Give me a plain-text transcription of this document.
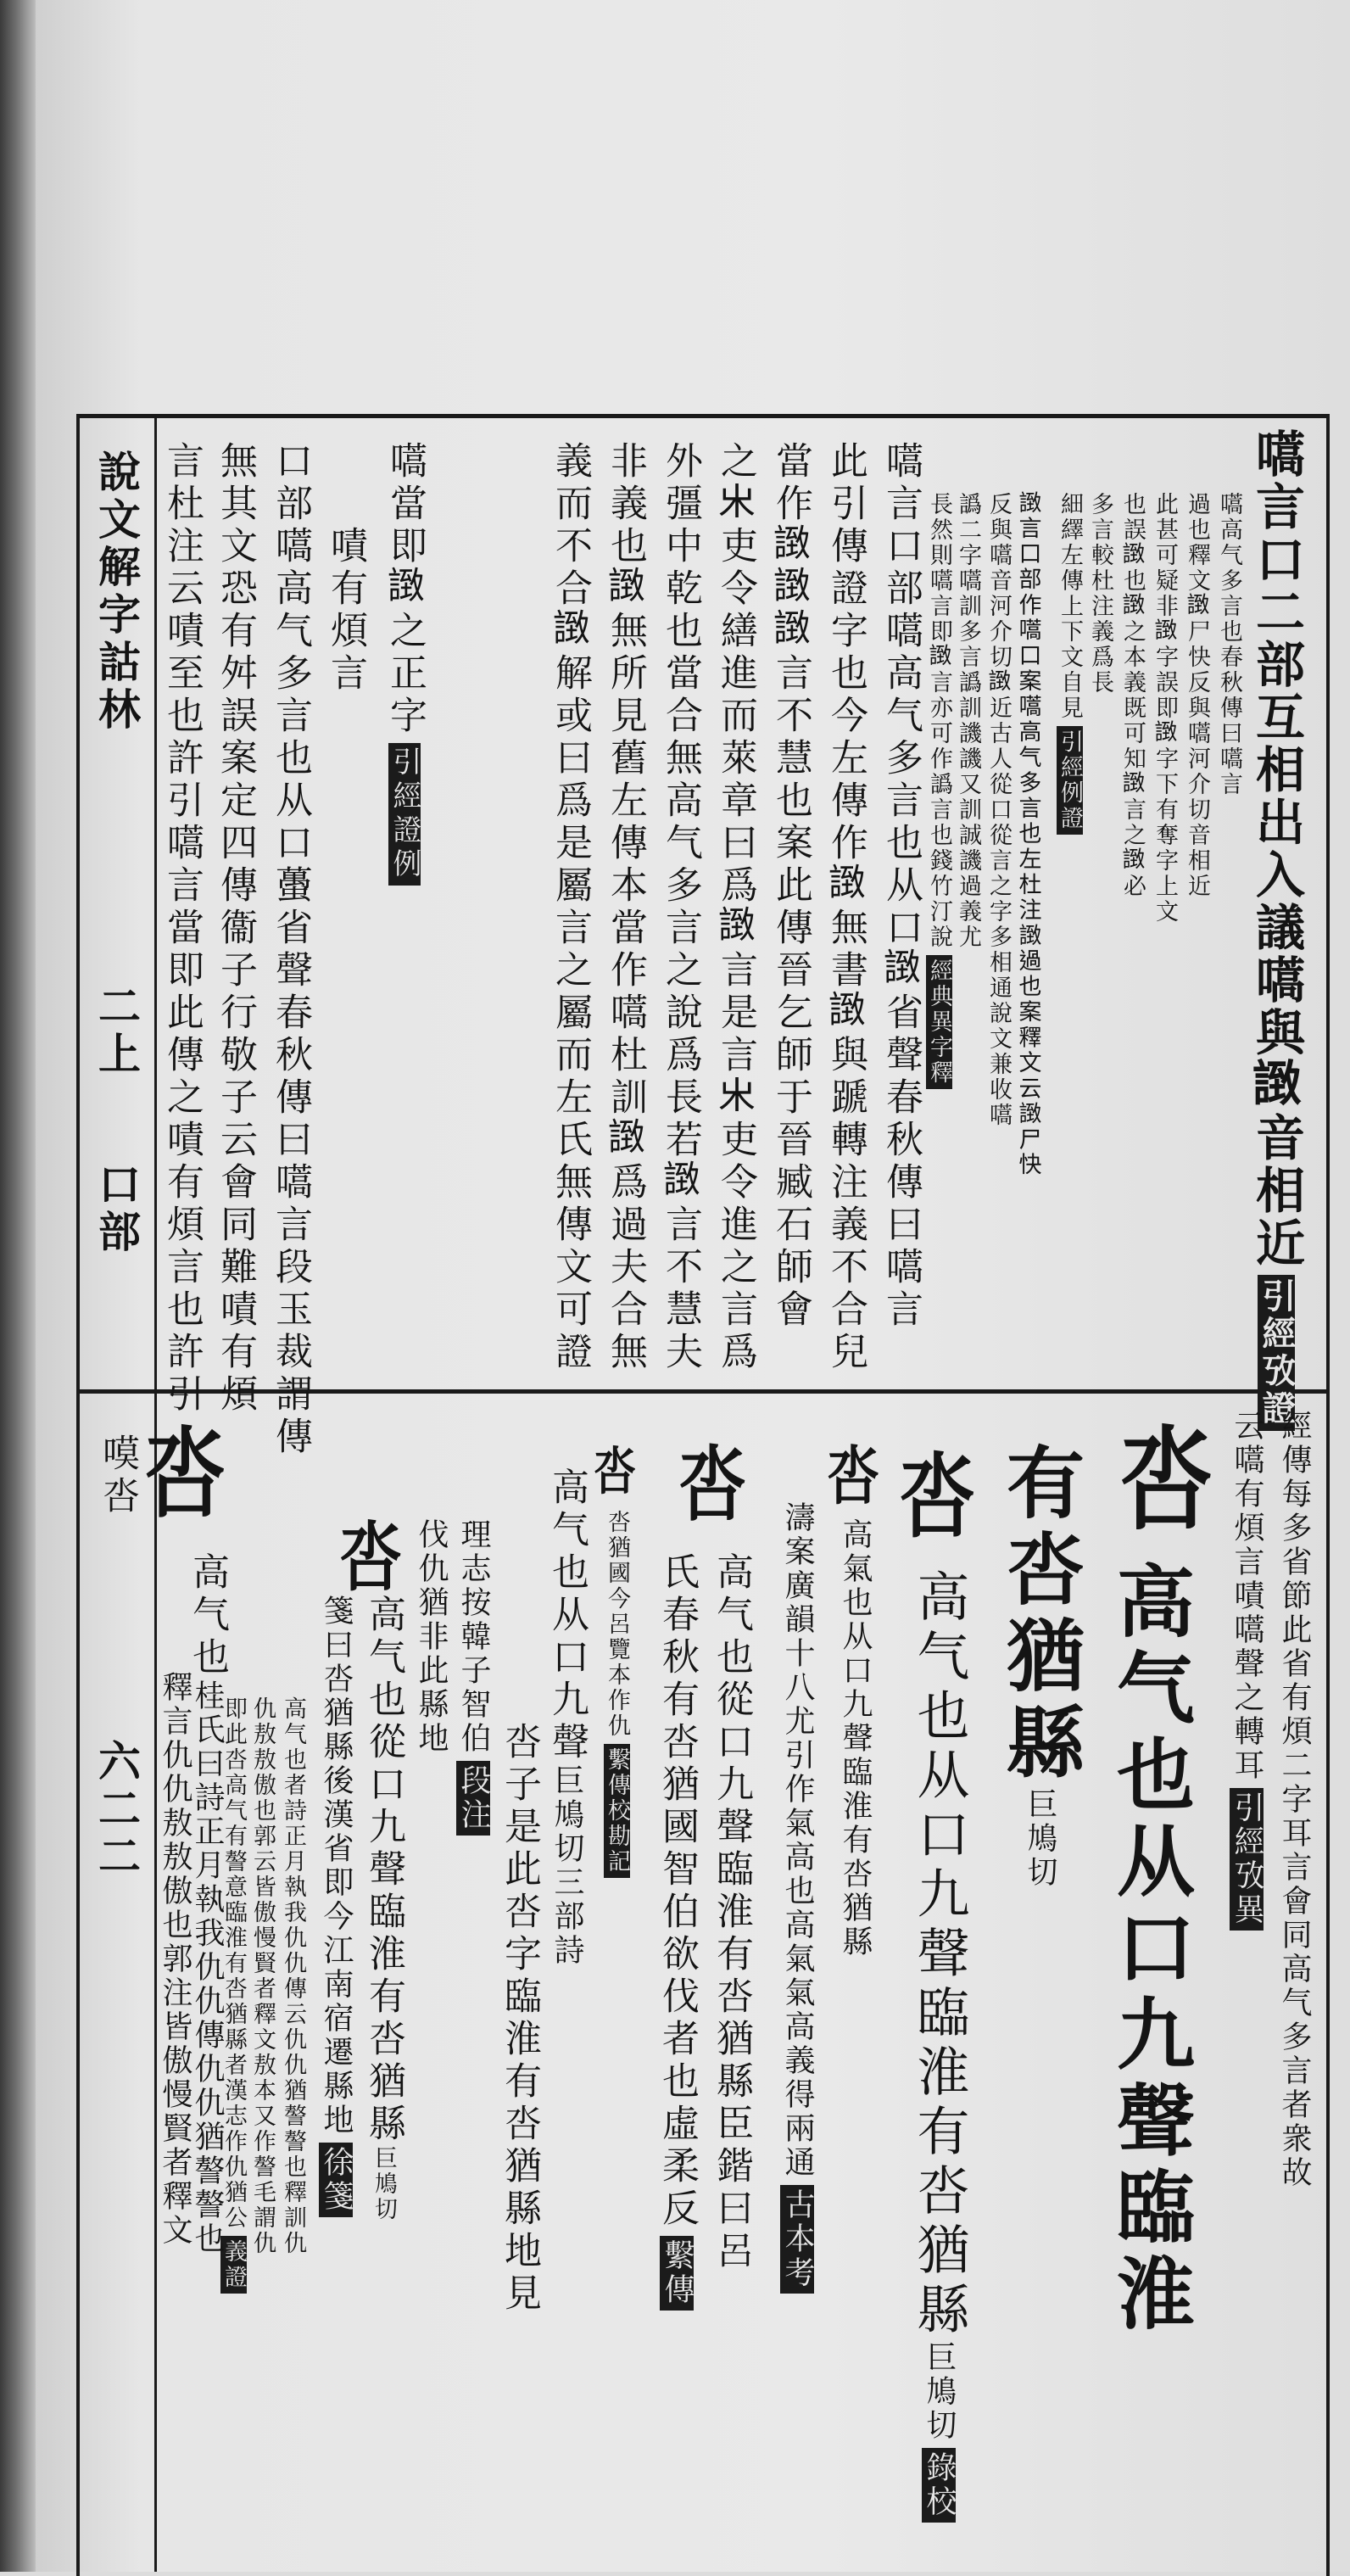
說文解字詁林
二上
口部
嗼呇
六二二
嚆言口二部互相出入議嚆與𧩼音相近引經攷證
嚆高气多言也春秋傳曰嚆言
過也釋文𧩼尸快反與嚆河介切音相近
此甚可疑非𧩼字誤即𧩼字下有奪字上文
也誤𧩼也𧩼之本義既可知𧩼言之𧩼必
多言較杜注義爲長
細繹左傳上下文自見引經例證
𧩼言口部作嚆口案嚆高气多言也左杜注𧩼過也案釋文云𧩼尸快
反與嚆音河介切𧩼近古人從口從言之字多相通說文兼收嚆
譌二字嚆訓多言譌訓譏譏又訓誠譏過義尤
長然則嚆言即𧩼言亦可作譌言也錢竹汀說經典異字釋
嚆言口部嚆高气多言也从口𧩼省聲春秋傳曰嚆言
此引傳證字也今左傳作𧩼無書𧩼與蹏轉注義不合兒
當作𧩼𧩼𧩼言不慧也案此傳晉乞師于晉臧石師會
之𣎵吏令繕進而萊章曰爲𧩼言是言𣎵吏令進之言爲
外彊中乾也當合無高气多言之說爲長若𧩼言不慧夫
非義也𧩼無所見舊左傳本當作嚆杜訓𧩼爲過夫合無
義而不合𧩼解或曰爲是屬言之屬而左氏無傳文可證
嚆當即𧩼之正字引經證例
嘖有煩言
口部嚆高气多言也从口蠆省聲春秋傳曰嚆言段玉裁謂傳
無其文恐有舛誤案定四傳衞子行敬子云會同難嘖有煩
言杜注云嘖至也許引嚆言當即此傳之嘖有煩言也許引
經傳每多省節此省有煩二字耳言會同高气多言者衆故
云嚆有煩言嘖嚆聲之轉耳引經攷異
呇
高气也从口九聲臨淮
有呇猶縣巨鳩切
呇
高气也从口九聲臨淮有呇猶縣巨鳩切錄校
呇
高氣也从口九聲臨淮有呇猶縣
濤案廣韻十八尤引作氣高也高氣氣高義得兩通古本考
呇
高气也從口九聲臨淮有呇猶縣臣鍇曰呂
氏春秋有呇猶國智伯欲伐者也虛柔反繫傳
呇
呇猶國今呂覽本作仇繫傳校勘記
高气也从口九聲巨鳩切三部詩
呇子是此呇字臨淮有呇猶縣地見
理志按韓子智伯段注
伐仇猶非此縣地
呇
高气也從口九聲臨淮有呇猶縣巨鳩切
箋曰呇猶縣後漢省即今江南宿遷縣地徐箋
高气也者詩正月執我仇仇傳云仇仇猶謷謷也釋訓仇
仇敖敖傲也郭云皆傲慢賢者釋文敖本又作謷毛謂仇
即此呇高气有謷意臨淮有呇猶縣者漢志作仇猶公義證
呇
高气也桂氏曰詩正月執我仇仇傳仇仇猶謷謷也
釋言仇仇敖敖傲也郭注皆傲慢賢者釋文
